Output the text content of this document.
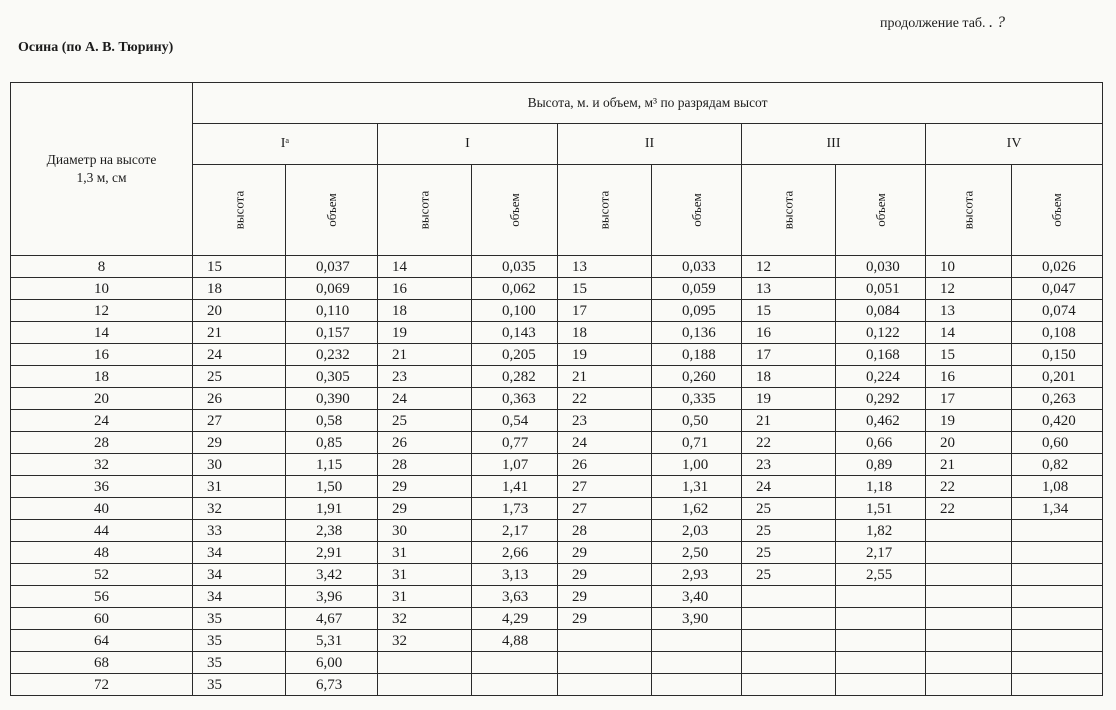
продолжение таб. . ?
Осина (по А. В. Тюрину)
Диаметр на высоте
1,3 м, см	Высота, м. и объем, м³ по разрядам высот									
	Iᵃ		I		II		III		IV	
	высота	объем	высота	объем	высота	объем	высота	объем	высота	объем
8	15	0,037	14	0,035	13	0,033	12	0,030	10	0,026
10	18	0,069	16	0,062	15	0,059	13	0,051	12	0,047
12	20	0,110	18	0,100	17	0,095	15	0,084	13	0,074
14	21	0,157	19	0,143	18	0,136	16	0,122	14	0,108
16	24	0,232	21	0,205	19	0,188	17	0,168	15	0,150
18	25	0,305	23	0,282	21	0,260	18	0,224	16	0,201
20	26	0,390	24	0,363	22	0,335	19	0,292	17	0,263
24	27	0,58	25	0,54	23	0,50	21	0,462	19	0,420
28	29	0,85	26	0,77	24	0,71	22	0,66	20	0,60
32	30	1,15	28	1,07	26	1,00	23	0,89	21	0,82
36	31	1,50	29	1,41	27	1,31	24	1,18	22	1,08
40	32	1,91	29	1,73	27	1,62	25	1,51	22	1,34
44	33	2,38	30	2,17	28	2,03	25	1,82		
48	34	2,91	31	2,66	29	2,50	25	2,17		
52	34	3,42	31	3,13	29	2,93	25	2,55		
56	34	3,96	31	3,63	29	3,40				
60	35	4,67	32	4,29	29	3,90				
64	35	5,31	32	4,88						
68	35	6,00								
72	35	6,73								
